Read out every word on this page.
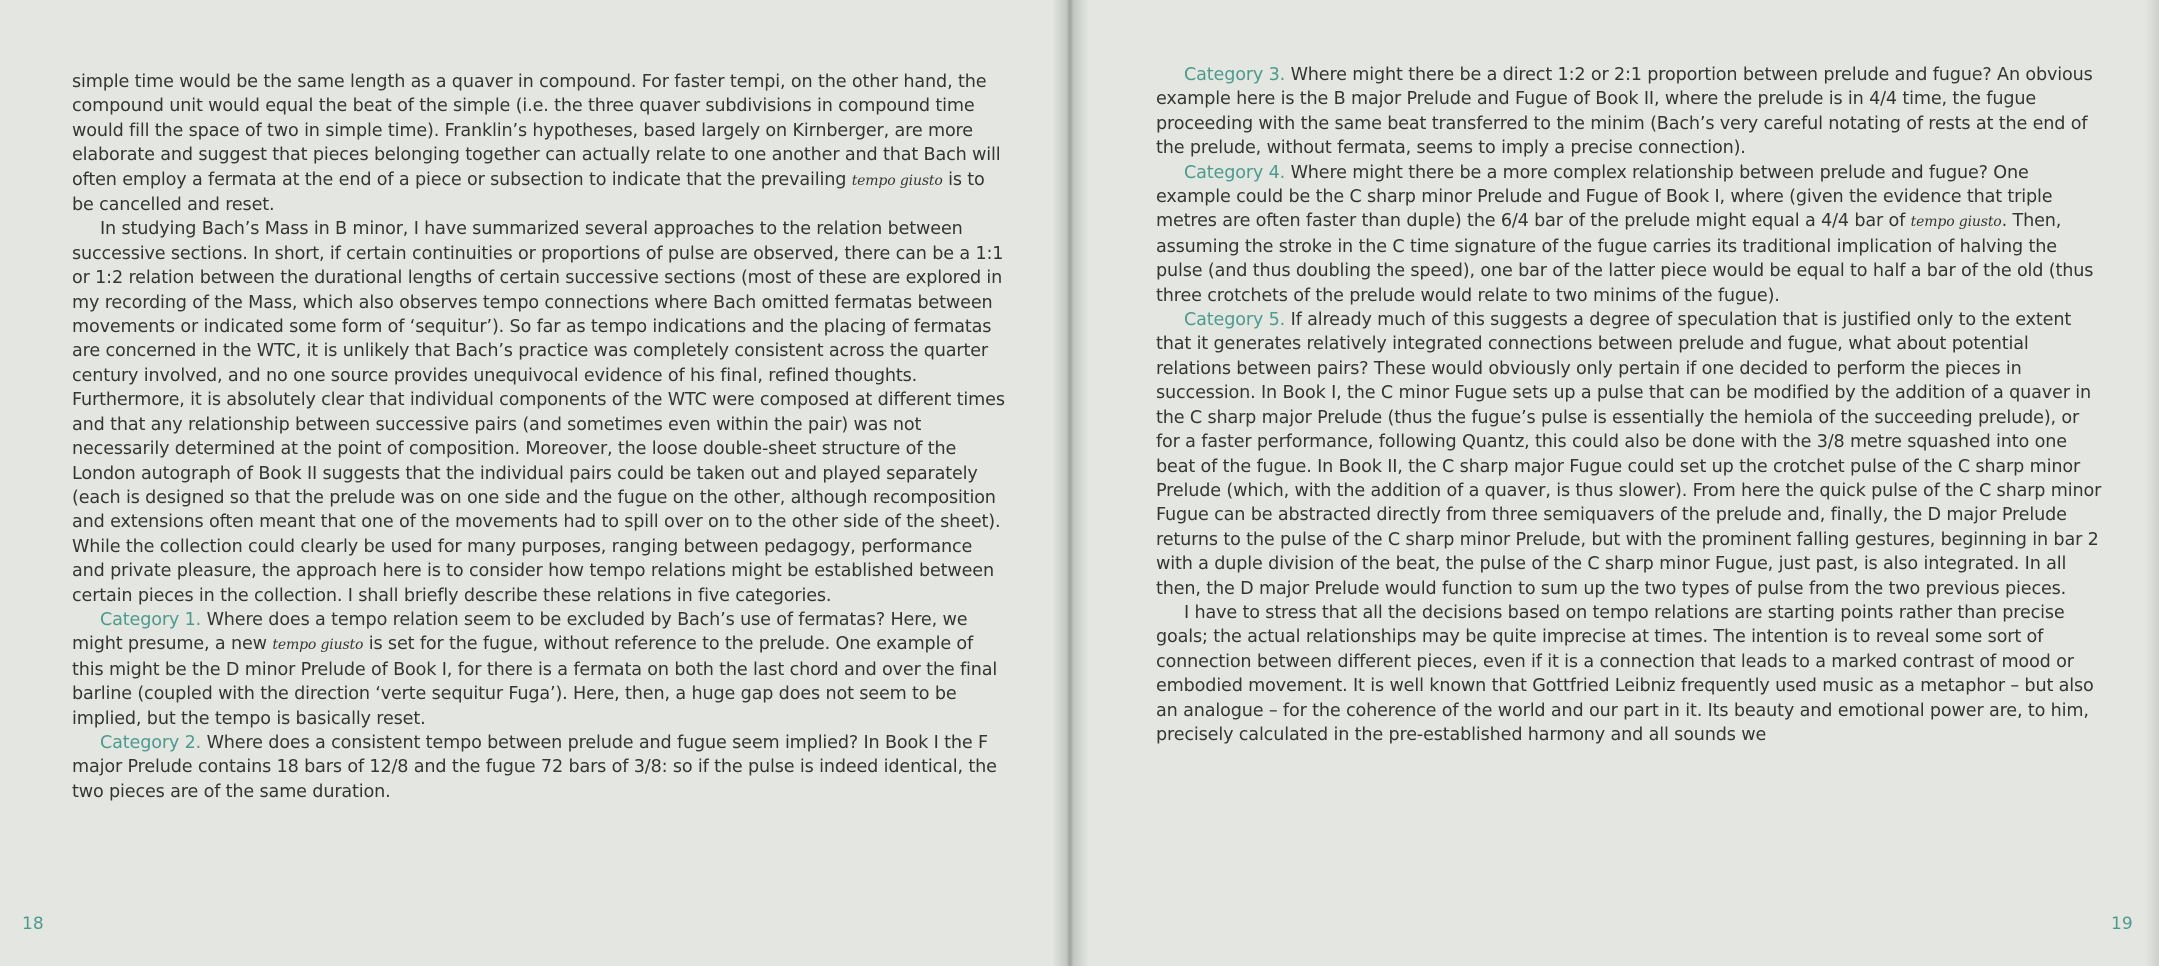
simple time would be the same length as a quaver in compound. For faster tempi, on the other hand, the compound unit would equal the beat of the simple (i.e. the three quaver subdivisions in compound time would fill the space of two in simple time). Franklin’s hypotheses, based largely on Kirnberger, are more elaborate and suggest that pieces belonging together can actually relate to one another and that Bach will often employ a fermata at the end of a piece or subsection to indicate that the prevailing tempo giusto is to be cancelled and reset.

In studying Bach’s Mass in B minor, I have summarized several approaches to the relation between successive sections. In short, if certain continuities or proportions of pulse are observed, there can be a 1:1 or 1:2 relation between the durational lengths of certain successive sections (most of these are explored in my recording of the Mass, which also observes tempo connections where Bach omitted fermatas between movements or indicated some form of ‘sequitur’). So far as tempo indications and the placing of fermatas are concerned in the WTC, it is unlikely that Bach’s practice was completely consistent across the quarter century involved, and no one source provides unequivocal evidence of his final, refined thoughts. Furthermore, it is absolutely clear that individual components of the WTC were composed at different times and that any relationship between successive pairs (and sometimes even within the pair) was not necessarily determined at the point of composition. Moreover, the loose double-sheet structure of the London autograph of Book II suggests that the individual pairs could be taken out and played separately (each is designed so that the prelude was on one side and the fugue on the other, although recomposition and extensions often meant that one of the movements had to spill over on to the other side of the sheet). While the collection could clearly be used for many purposes, ranging between pedagogy, performance and private pleasure, the approach here is to consider how tempo relations might be established between certain pieces in the collection. I shall briefly describe these relations in five categories.

Category 1. Where does a tempo relation seem to be excluded by Bach’s use of fermatas? Here, we might presume, a new tempo giusto is set for the fugue, without reference to the prelude. One example of this might be the D minor Prelude of Book I, for there is a fermata on both the last chord and over the final barline (coupled with the direction ‘verte sequitur Fuga’). Here, then, a huge gap does not seem to be implied, but the tempo is basically reset.

Category 2. Where does a consistent tempo between prelude and fugue seem implied? In Book I the F major Prelude contains 18 bars of 12/8 and the fugue 72 bars of 3/8: so if the pulse is indeed identical, the two pieces are of the same duration.

18

Category 3. Where might there be a direct 1:2 or 2:1 proportion between prelude and fugue? An obvious example here is the B major Prelude and Fugue of Book II, where the prelude is in 4/4 time, the fugue proceeding with the same beat transferred to the minim (Bach’s very careful notating of rests at the end of the prelude, without fermata, seems to imply a precise connection).

Category 4. Where might there be a more complex relationship between prelude and fugue? One example could be the C sharp minor Prelude and Fugue of Book I, where (given the evidence that triple metres are often faster than duple) the 6/4 bar of the prelude might equal a 4/4 bar of tempo giusto. Then, assuming the stroke in the C time signature of the fugue carries its traditional implication of halving the pulse (and thus doubling the speed), one bar of the latter piece would be equal to half a bar of the old (thus three crotchets of the prelude would relate to two minims of the fugue).

Category 5. If already much of this suggests a degree of speculation that is justified only to the extent that it generates relatively integrated connections between prelude and fugue, what about potential relations between pairs? These would obviously only pertain if one decided to perform the pieces in succession. In Book I, the C minor Fugue sets up a pulse that can be modified by the addition of a quaver in the C sharp major Prelude (thus the fugue’s pulse is essentially the hemiola of the succeeding prelude), or for a faster performance, following Quantz, this could also be done with the 3/8 metre squashed into one beat of the fugue. In Book II, the C sharp major Fugue could set up the crotchet pulse of the C sharp minor Prelude (which, with the addition of a quaver, is thus slower). From here the quick pulse of the C sharp minor Fugue can be abstracted directly from three semiquavers of the prelude and, finally, the D major Prelude returns to the pulse of the C sharp minor Prelude, but with the prominent falling gestures, beginning in bar 2 with a duple division of the beat, the pulse of the C sharp minor Fugue, just past, is also integrated. In all then, the D major Prelude would function to sum up the two types of pulse from the two previous pieces.

I have to stress that all the decisions based on tempo relations are starting points rather than precise goals; the actual relationships may be quite imprecise at times. The intention is to reveal some sort of connection between different pieces, even if it is a connection that leads to a marked contrast of mood or embodied movement. It is well known that Gottfried Leibniz frequently used music as a metaphor – but also an analogue – for the coherence of the world and our part in it. Its beauty and emotional power are, to him, precisely calculated in the pre-established harmony and all sounds we

19
